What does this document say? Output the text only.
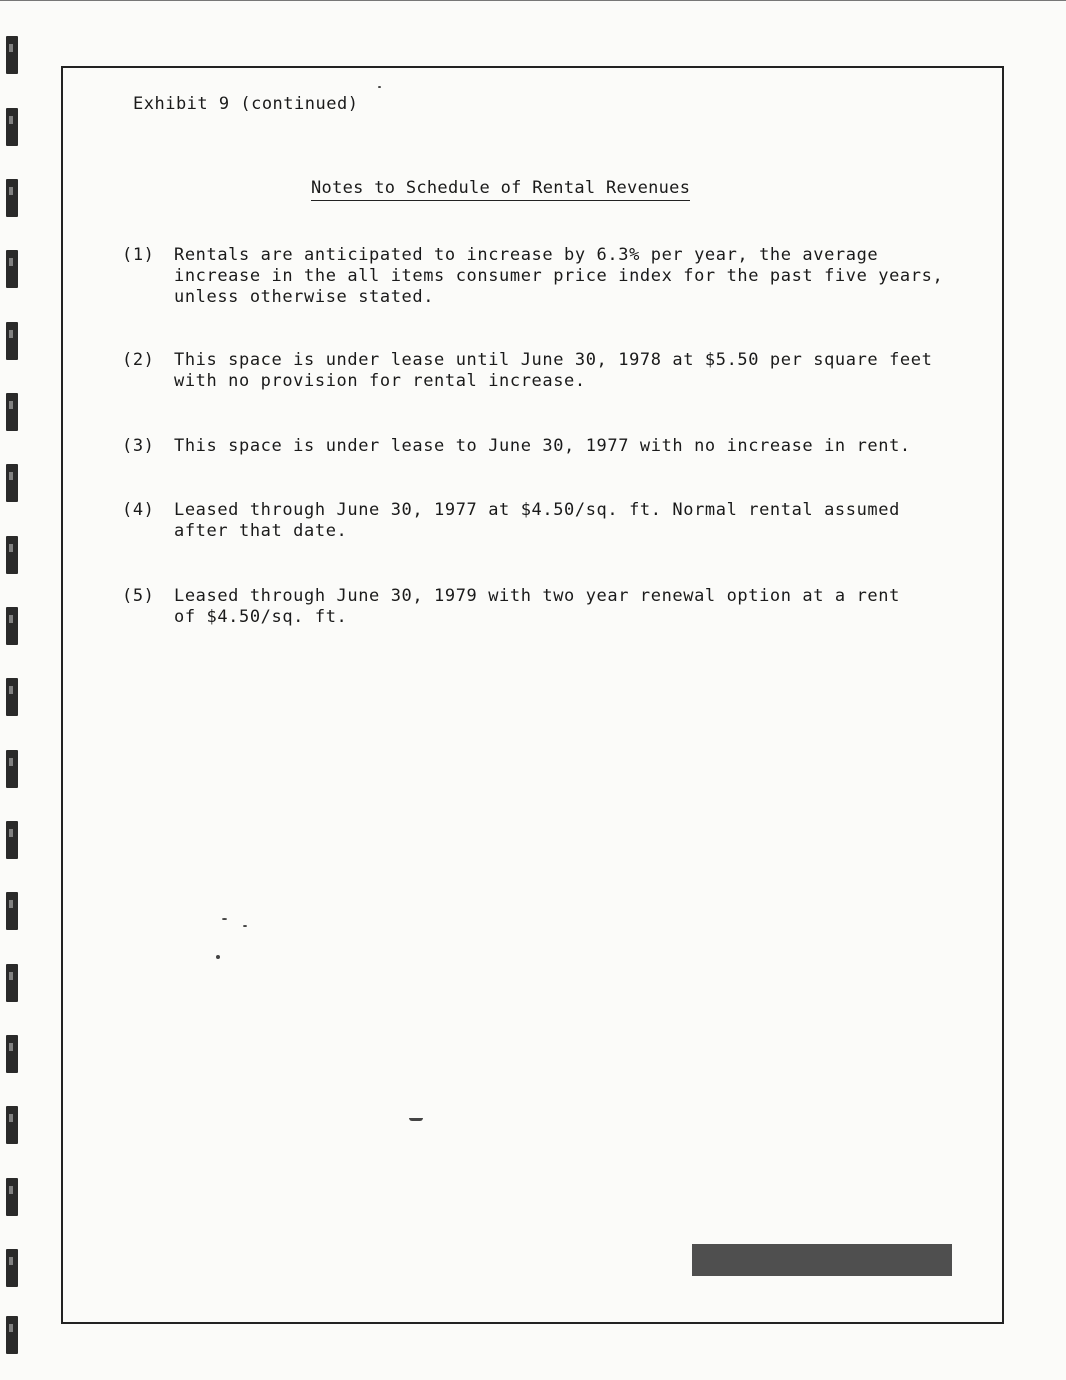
Exhibit 9 (continued)
Notes to Schedule of Rental Revenues
(1) Rentals are anticipated to increase by 6.3% per year, the average
increase in the all items consumer price index for the past five years,
unless otherwise stated.
(2) This space is under lease until June 30, 1978 at $5.50 per square feet
with no provision for rental increase.
(3) This space is under lease to June 30, 1977 with no increase in rent.
(4) Leased through June 30, 1977 at $4.50/sq. ft. Normal rental assumed
after that date.
(5) Leased through June 30, 1979 with two year renewal option at a rent
of $4.50/sq. ft.
